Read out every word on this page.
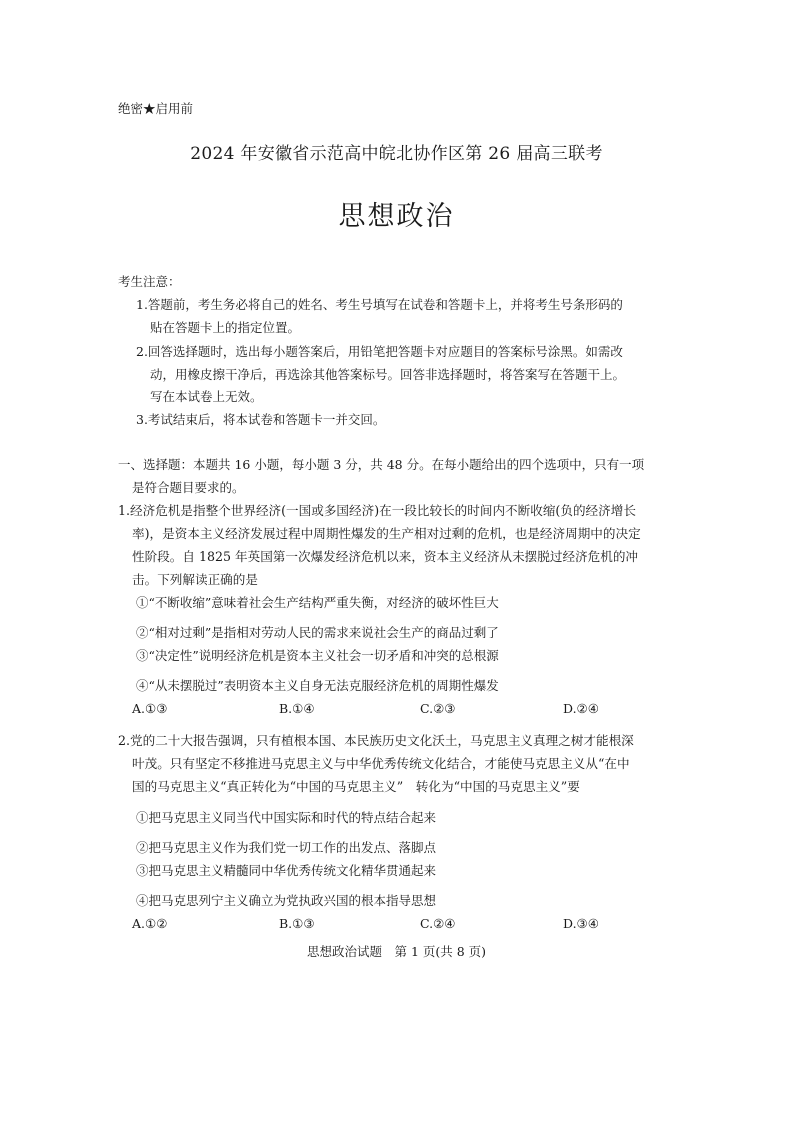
绝密★启用前
2024 年安徽省示范高中皖北协作区第 26 届高三联考
思想政治
考生注意：
1.答题前，考生务必将自己的姓名、考生号填写在试卷和答题卡上，并将考生号条形码的
贴在答题卡上的指定位置。
2.回答选择题时，选出每小题答案后，用铅笔把答题卡对应题目的答案标号涂黑。如需改
动，用橡皮擦干净后，再选涂其他答案标号。回答非选择题时，将答案写在答题干上。
写在本试卷上无效。
3.考试结束后，将本试卷和答题卡一并交回。
一、选择题：本题共 16 小题，每小题 3 分，共 48 分。在每小题给出的四个选项中，只有一项
是符合题目要求的。
1.经济危机是指整个世界经济(一国或多国经济)在一段比较长的时间内不断收缩(负的经济增长
率)，是资本主义经济发展过程中周期性爆发的生产相对过剩的危机，也是经济周期中的决定
性阶段。自 1825 年英国第一次爆发经济危机以来，资本主义经济从未摆脱过经济危机的冲
击。下列解读正确的是
①“不断收缩”意味着社会生产结构严重失衡，对经济的破坏性巨大
②“相对过剩”是指相对劳动人民的需求来说社会生产的商品过剩了
③“决定性”说明经济危机是资本主义社会一切矛盾和冲突的总根源
④“从未摆脱过”表明资本主义自身无法克服经济危机的周期性爆发
A.①③	B.①④	C.②③	D.②④
2.党的二十大报告强调，只有植根本国、本民族历史文化沃土，马克思主义真理之树才能根深
叶茂。只有坚定不移推进马克思主义与中华优秀传统文化结合，才能使马克思主义从“在中
国的马克思主义“真正转化为“中国的马克思主义”　转化为“中国的马克思主义”要
①把马克思主义同当代中国实际和时代的特点结合起来
②把马克思主义作为我们党一切工作的出发点、落脚点
③把马克思主义精髓同中华优秀传统文化精华贯通起来
④把马克思列宁主义确立为党执政兴国的根本指导思想
A.①②	B.①③	C.②④	D.③④
思想政治试题　第 1 页(共 8 页)
